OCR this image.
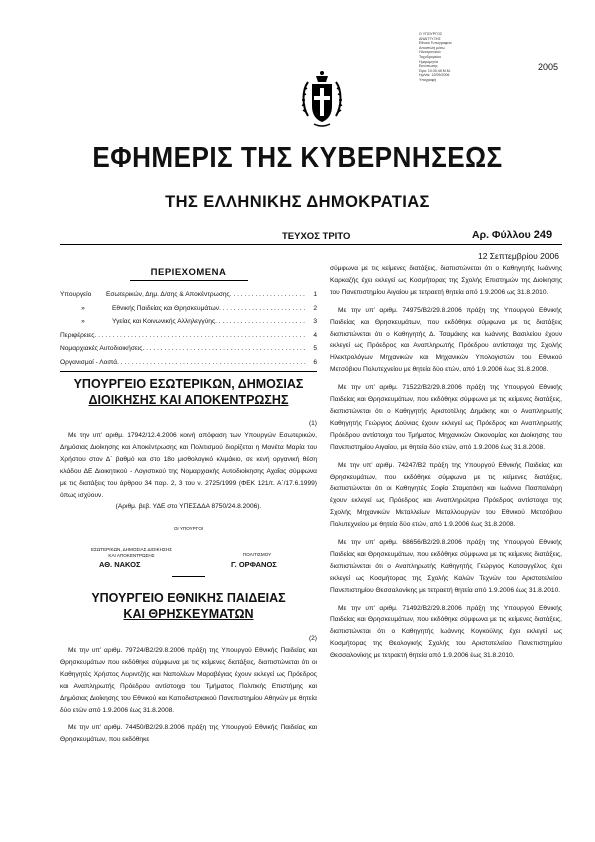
Ο ΥΠΟΥΡΓΟΣ
ΑΝΑΠΤΥΞΗΣ
Εθνικό Τυπογραφείο
Αποστολή μέσω
Ηλεκτρονικού
Ταχυδρομείου
Ημερομηνία
Εκτύπωσης
Ώρα: 10:30:45 Μ.Μ.
Ημ/νία: 12/09/2006
Υπογραφή
2005
ΕΦΗΜΕΡΙΣ ΤΗΣ ΚΥΒΕΡΝΗΣΕΩΣ
ΤΗΣ ΕΛΛΗΝΙΚΗΣ ΔΗΜΟΚΡΑΤΙΑΣ
ΤΕΥΧΟΣ ΤΡΙΤΟ	Αρ. Φύλλου 249
12 Σεπτεμβρίου 2006
ΠΕΡΙΕΧΟΜΕΝΑ
Υπουργείο	Εσωτερικών, Δημ. Δ/σης & Αποκέντρωσης . . .	1
»	Εθνικής Παιδείας και Θρησκευμάτων . . .	2
»	Υγείας και Κοινωνικής Αλληλεγγύης . . .	3
Περιφέρειες . . .	4
Νομαρχιακές Αυτοδιοικήσεις . . .	5
Οργανισμοί - Λοιπά . . .	6
ΥΠΟΥΡΓΕΙΟ ΕΣΩΤΕΡΙΚΩΝ, ΔΗΜΟΣΙΑΣ
ΔΙΟΙΚΗΣΗΣ ΚΑΙ ΑΠΟΚΕΝΤΡΩΣΗΣ
(1)

Με την υπ’ αριθμ. 17942/12.4.2006 κοινή απόφαση των Υπουργών Εσωτερικών, Δημόσιας Διοίκησης και Αποκέντρωσης και Πολιτισμού διορίζεται η Μανέτα Μαρία του Χρήστου στον Δ΄ βαθμό και στο 18ο μισθολογικό κλιμάκιο, σε κενή οργανική θέση κλάδου ΔΕ Διοικητικού - Λογιστικού της Νομαρχιακής Αυτοδιοίκησης Αχαΐας σύμφωνα με τις διατάξεις του άρθρου 34 παρ. 2, 3 του ν. 2725/1999 (ΦΕΚ 121/τ. Α΄/17.6.1999) όπως ισχύουν.

(Αριθμ. βεβ. ΥΔΕ στο ΥΠΕΣΔΔΑ 8750/24.8.2006).

ΟΙ ΥΠΟΥΡΓΟΙ
ΕΣΩΤΕΡΙΚΩΝ, ΔΗΜΟΣΙΑΣ ΔΙΟΙΚΗΣΗΣ
ΚΑΙ ΑΠΟΚΕΝΤΡΩΣΗΣ
ΑΘ. ΝΑΚΟΣ
ΠΟΛΙΤΙΣΜΟΥ
Γ. ΟΡΦΑΝΟΣ
ΥΠΟΥΡΓΕΙΟ ΕΘΝΙΚΗΣ ΠΑΙΔΕΙΑΣ
ΚΑΙ ΘΡΗΣΚΕΥΜΑΤΩΝ
(2)

Με την υπ’ αριθμ. 79724/Β2/29.8.2006 πράξη της Υπουργού Εθνικής Παιδείας και Θρησκευμάτων που εκδόθηκε σύμφωνα με τις κείμενες διατάξεις, διαπιστώνεται ότι οι Καθηγητές Χρήστος Λυριντζής και Ναπολέων Μαραβέγιας έχουν εκλεγεί ως Πρόεδρος και Αναπληρωτής Πρόεδρου αντίστοιχα του Τμήματος Πολιτικής Επιστήμης και Δημόσιας Διοίκησης του Εθνικού και Καποδιστριακού Πανεπιστημίου Αθηνών με θητεία δύο ετών από 1.9.2006 έως 31.8.2008.

Με την υπ’ αριθμ. 74450/Β2/29.8.2006 πράξη της Υπουργού Εθνικής Παιδείας και Θρησκευμάτων, που εκδόθηκε

σύμφωνα με τις κείμενες διατάξεις, διαπιστώνεται ότι ο Καθηγητής Ιωάννης Καρκαζής έχει εκλεγεί ως Κοσμήτορας της Σχολής Επιστημών της Διοίκησης του Πανεπιστημίου Αιγαίου με τετραετή θητεία από 1.9.2006 ως 31.8.2010.

Με την υπ’ αριθμ. 74975/Β2/29.8.2006 πράξη της Υπουργού Εθνικής Παιδείας και Θρησκευμάτων, που εκδόθηκε σύμφωνα με τις διατάξεις διαπιστώνεται ότι ο Καθηγητής Δ. Τσαμάκης και Ιωάννης Βασιλείου έχουν εκλεγεί ως Πρόεδρος και Αναπληρωτής Πρόεδρου αντίστοιχα της Σχολής Ηλεκτρολόγων Μηχανικών και Μηχανικών Υπολογιστών του Εθνικού Μετσόβιου Πολυτεχνείου με θητεία δύο ετών, από 1.9.2006 έως 31.8.2008.

Με την υπ’ αριθμ. 71522/Β2/29.8.2006 πράξη της Υπουργού Εθνικής Παιδείας και Θρησκευμάτων, που εκδόθηκε σύμφωνα με τις κείμενες διατάξεις, διαπιστώνεται ότι ο Καθηγητής Αριστοτέλης Δημάκης και ο Αναπληρωτής Καθηγητής Γεώργιος Δούνιας έχουν εκλεγεί ως Πρόεδρος και Αναπληρωτής Πρόεδρου αντίστοιχα του Τμήματος Μηχανικών Οικονομίας και Διοίκησης του Πανεπιστημίου Αιγαίου, με θητεία δύο ετών, από 1.9.2006 έως 31.8.2008.

Με την υπ’ αριθμ. 74247/Β2 πράξη της Υπουργού Εθνικής Παιδείας και Θρησκευμάτων, που εκδόθηκε σύμφωνα με τις κείμενες διατάξεις, διαπιστώνεται ότι οι Καθηγητές Σοφία Σταματάκη και Ιωάννα Πασπαλιάρη έχουν εκλεγεί ως Πρόεδρος και Αναπληρώτρια Πρόεδρος αντίστοιχα της Σχολής Μηχανικών Μεταλλείων Μεταλλουργών του Εθνικού Μετσόβιου Πολυτεχνείου με θητεία δύο ετών, από 1.9.2006 έως 31.8.2008.

Με την υπ’ αριθμ. 68656/Β2/29.8.2006 πράξη της Υπουργού Εθνικής Παιδείας και Θρησκευμάτων, που εκδόθηκε σύμφωνα με τις κείμενες διατάξεις, διαπιστώνεται ότι ο Αναπληρωτής Καθηγητής Γεώργιος Κατσαγγέλος έχει εκλεγεί ως Κοσμήτορας της Σχολής Καλών Τεχνών του Αριστοτελείου Πανεπιστημίου Θεσσαλονίκης με τετραετή θητεία από 1.9.2006 έως 31.8.2010.

Με την υπ’ αριθμ. 71492/Β2/29.8.2006 πράξη της Υπουργού Εθνικής Παιδείας και Θρησκευμάτων, που εκδόθηκε σύμφωνα με τις κείμενες διατάξεις, διαπιστώνεται ότι ο Καθηγητής Ιωάννης Κογκούλης έχει εκλεγεί ως Κοσμήτορας της Θεολογικής Σχολής του Αριστοτελείου Πανεπιστημίου Θεσσαλονίκης με τετραετή θητεία από 1.9.2006 έως 31.8.2010.
